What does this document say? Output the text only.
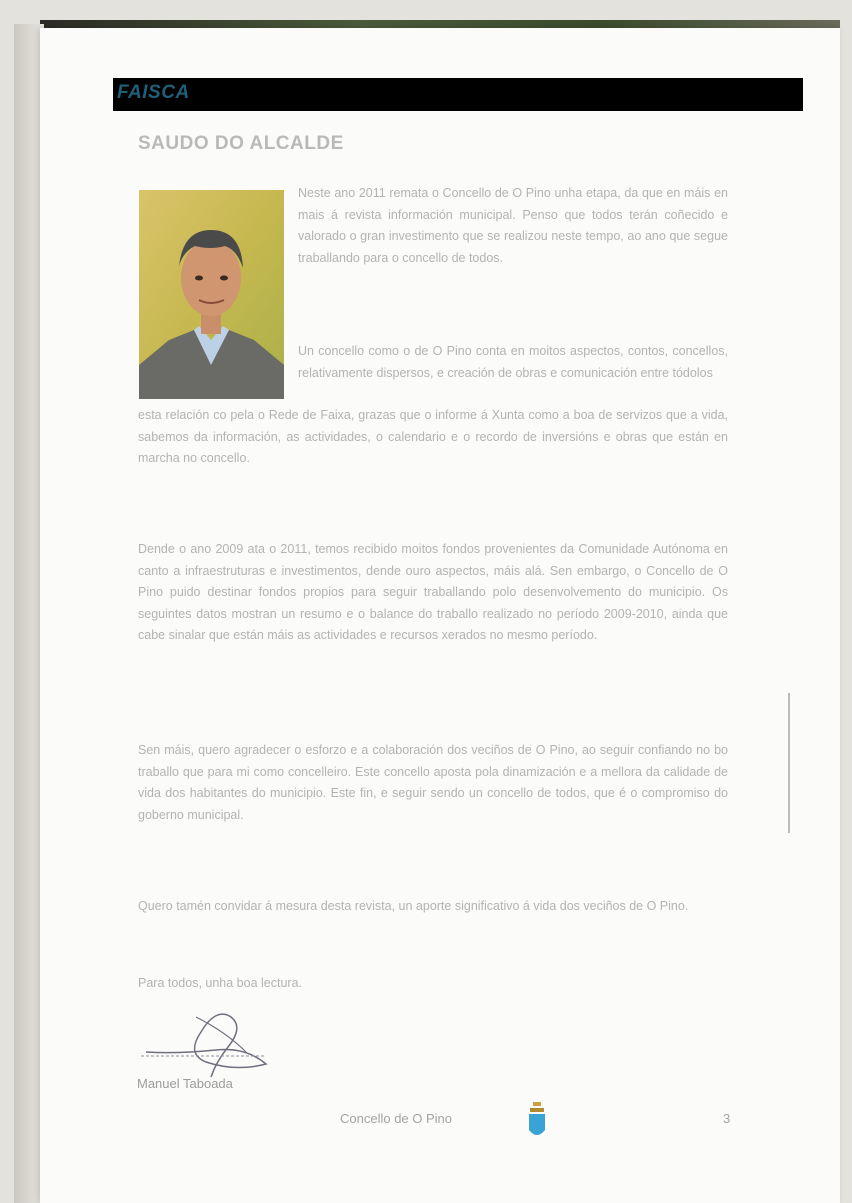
FAISCA
SAUDO DO ALCALDE
Neste ano 2011 remata o Concello de O Pino unha etapa, da que en máis en mais á revista información municipal. Penso que todos terán coñecido e valorado o gran investimento que se realizou neste tempo, ao ano que segue traballando para o concello de todos.
Un concello como o de O Pino conta en moitos aspectos, contos, concellos, relativamente dispersos, e creación de obras e comunicación entre tódolos
esta relación co pela o Rede de Faixa, grazas que o informe á Xunta como a boa de servizos que a vida, sabemos da información, as actividades, o calendario e o recordo de inversións e obras que están en marcha no concello.
Dende o ano 2009 ata o 2011, temos recibido moitos fondos provenientes da Comunidade Autónoma en canto a infraestruturas e investimentos, dende ouro aspectos, máis alá. Sen embargo, o Concello de O Pino puido destinar fondos propios para seguir traballando polo desenvolvemento do municipio. Os seguintes datos mostran un resumo e o balance do traballo realizado no período 2009-2010, ainda que cabe sinalar que están máis as actividades e recursos xerados no mesmo período.
Sen máis, quero agradecer o esforzo e a colaboración dos veciños de O Pino, ao seguir confiando no bo traballo que para mi como concelleiro. Este concello aposta pola dinamización e a mellora da calidade de vida dos habitantes do municipio. Este fin, e seguir sendo un concello de todos, que é o compromiso do goberno municipal.
Quero tamén convidar á mesura desta revista, un aporte significativo á vida dos veciños de O Pino.
Para todos, unha boa lectura.
Manuel Taboada
Concello de O Pino	3
